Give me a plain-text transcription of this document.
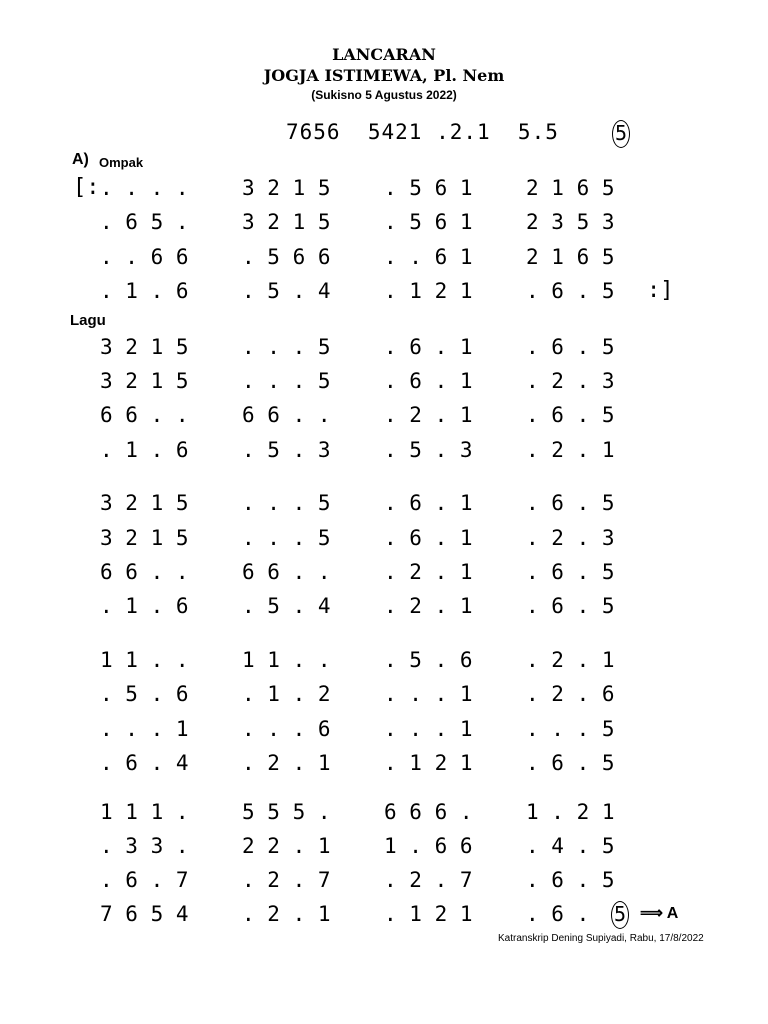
LANCARAN
JOGJA ISTIMEWA, Pl. Nem
(Sukisno 5 Agustus 2022)
7656  5421 .2.1  5.5	5
A) Ompak
[: . . . .	3 2 1 5	. 5 6 1	2 1 6 5
. 6 5 .	3 2 1 5	. 5 6 1	2 3 5 3
. . 6 6	. 5 6 6	. . 6 1	2 1 6 5
. 1 . 6	. 5 . 4	. 1 2 1	. 6 . 5	:]
Lagu
3 2 1 5	. . . 5	. 6 . 1	. 6 . 5
3 2 1 5	. . . 5	. 6 . 1	. 2 . 3
6 6 . .	6 6 . .	. 2 . 1	. 6 . 5
. 1 . 6	. 5 . 3	. 5 . 3	. 2 . 1
3 2 1 5	. . . 5	. 6 . 1	. 6 . 5
3 2 1 5	. . . 5	. 6 . 1	. 2 . 3
6 6 . .	6 6 . .	. 2 . 1	. 6 . 5
. 1 . 6	. 5 . 4	. 2 . 1	. 6 . 5
1 1 . .	1 1 . .	. 5 . 6	. 2 . 1
. 5 . 6	. 1 . 2	. . . 1	. 2 . 6
. . . 1	. . . 6	. . . 1	. . . 5
. 6 . 4	. 2 . 1	. 1 2 1	. 6 . 5
1 1 1 .	5 5 5 .	6 6 6 .	1 . 2 1
. 3 3 .	2 2 . 1	1 . 6 6	. 4 . 5
. 6 . 7	. 2 . 7	. 2 . 7	. 6 . 5
7 6 5 4	. 2 . 1	. 1 2 1	. 6 . 5 ⟹ A
Katranskrip Dening Supiyadi, Rabu, 17/8/2022
